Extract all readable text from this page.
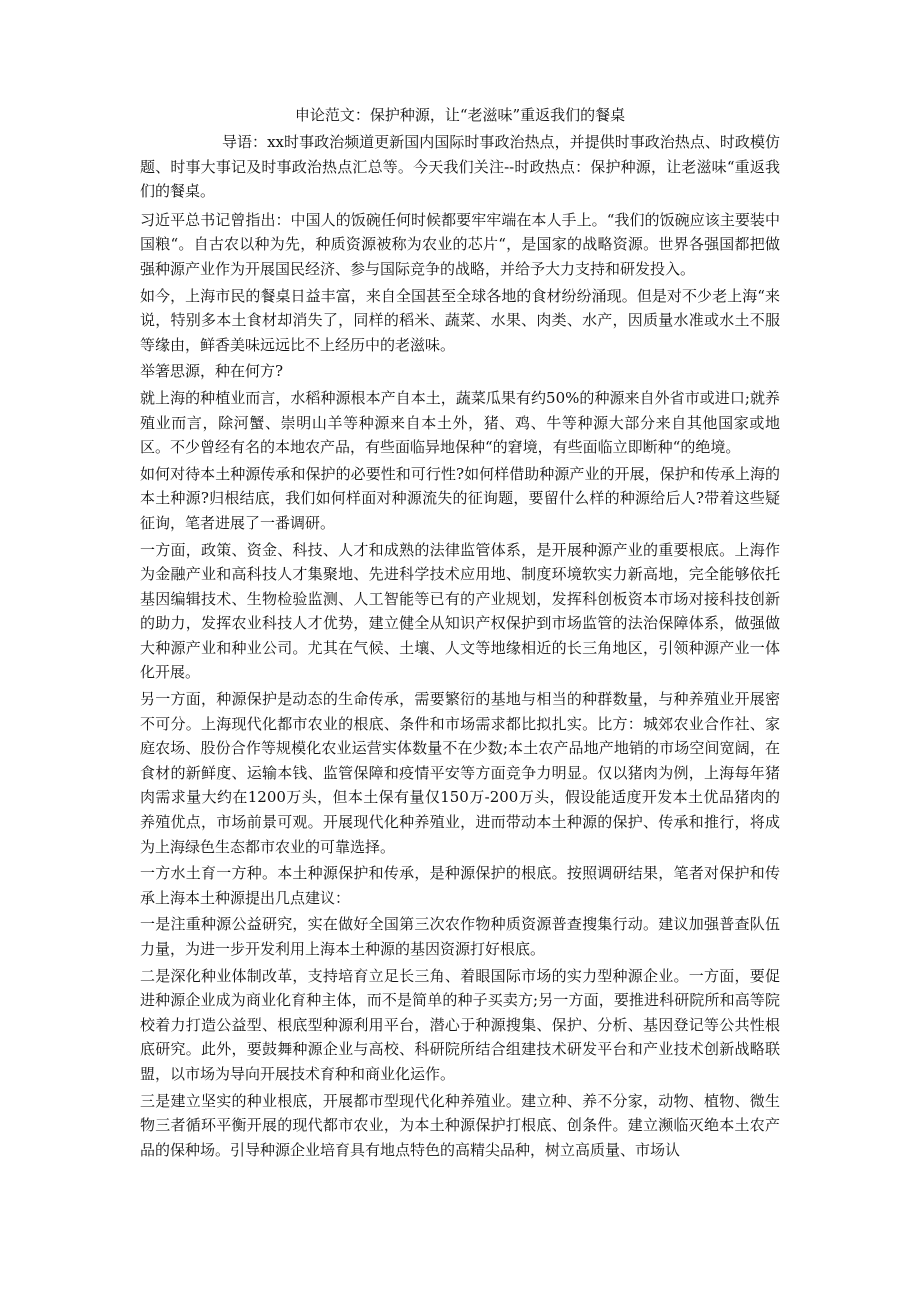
申论范文：保护种源，让“老滋味”重返我们的餐桌

导语：xx时事政治频道更新国内国际时事政治热点，并提供时事政治热点、时政模仿题、时事大事记及时事政治热点汇总等。今天我们关注--时政热点：保护种源，让老滋味“重返我们的餐桌。

习近平总书记曾指出：中国人的饭碗任何时候都要牢牢端在本人手上。“我们的饭碗应该主要装中国粮“。自古农以种为先，种质资源被称为农业的芯片“，是国家的战略资源。世界各强国都把做强种源产业作为开展国民经济、参与国际竞争的战略，并给予大力支持和研发投入。

如今，上海市民的餐桌日益丰富，来自全国甚至全球各地的食材纷纷涌现。但是对不少老上海“来说，特别多本土食材却消失了，同样的稻米、蔬菜、水果、肉类、水产，因质量水准或水土不服等缘由，鲜香美味远远比不上经历中的老滋味。

举箸思源，种在何方?

就上海的种植业而言，水稻种源根本产自本土，蔬菜瓜果有约50%的种源来自外省市或进口;就养殖业而言，除河蟹、崇明山羊等种源来自本土外，猪、鸡、牛等种源大部分来自其他国家或地区。不少曾经有名的本地农产品，有些面临异地保种“的窘境，有些面临立即断种“的绝境。

如何对待本土种源传承和保护的必要性和可行性?如何样借助种源产业的开展，保护和传承上海的本土种源?归根结底，我们如何样面对种源流失的征询题，要留什么样的种源给后人?带着这些疑征询，笔者进展了一番调研。

一方面，政策、资金、科技、人才和成熟的法律监管体系，是开展种源产业的重要根底。上海作为金融产业和高科技人才集聚地、先进科学技术应用地、制度环境软实力新高地，完全能够依托基因编辑技术、生物检验监测、人工智能等已有的产业规划，发挥科创板资本市场对接科技创新的助力，发挥农业科技人才优势，建立健全从知识产权保护到市场监管的法治保障体系，做强做大种源产业和种业公司。尤其在气候、土壤、人文等地缘相近的长三角地区，引领种源产业一体化开展。

另一方面，种源保护是动态的生命传承，需要繁衍的基地与相当的种群数量，与种养殖业开展密不可分。上海现代化都市农业的根底、条件和市场需求都比拟扎实。比方：城郊农业合作社、家庭农场、股份合作等规模化农业运营实体数量不在少数;本土农产品地产地销的市场空间宽阔，在食材的新鲜度、运输本钱、监管保障和疫情平安等方面竞争力明显。仅以猪肉为例，上海每年猪肉需求量大约在1200万头，但本土保有量仅150万-200万头，假设能适度开发本土优品猪肉的养殖优点，市场前景可观。开展现代化种养殖业，进而带动本土种源的保护、传承和推行，将成为上海绿色生态都市农业的可靠选择。

一方水土育一方种。本土种源保护和传承，是种源保护的根底。按照调研结果，笔者对保护和传承上海本土种源提出几点建议：

一是注重种源公益研究，实在做好全国第三次农作物种质资源普查搜集行动。建议加强普查队伍力量，为进一步开发利用上海本土种源的基因资源打好根底。

二是深化种业体制改革，支持培育立足长三角、着眼国际市场的实力型种源企业。一方面，要促进种源企业成为商业化育种主体，而不是简单的种子买卖方;另一方面，要推进科研院所和高等院校着力打造公益型、根底型种源利用平台，潜心于种源搜集、保护、分析、基因登记等公共性根底研究。此外，要鼓舞种源企业与高校、科研院所结合组建技术研发平台和产业技术创新战略联盟，以市场为导向开展技术育种和商业化运作。

三是建立坚实的种业根底，开展都市型现代化种养殖业。建立种、养不分家，动物、植物、微生物三者循环平衡开展的现代都市农业，为本土种源保护打根底、创条件。建立濒临灭绝本土农产品的保种场。引导种源企业培育具有地点特色的高精尖品种，树立高质量、市场认
